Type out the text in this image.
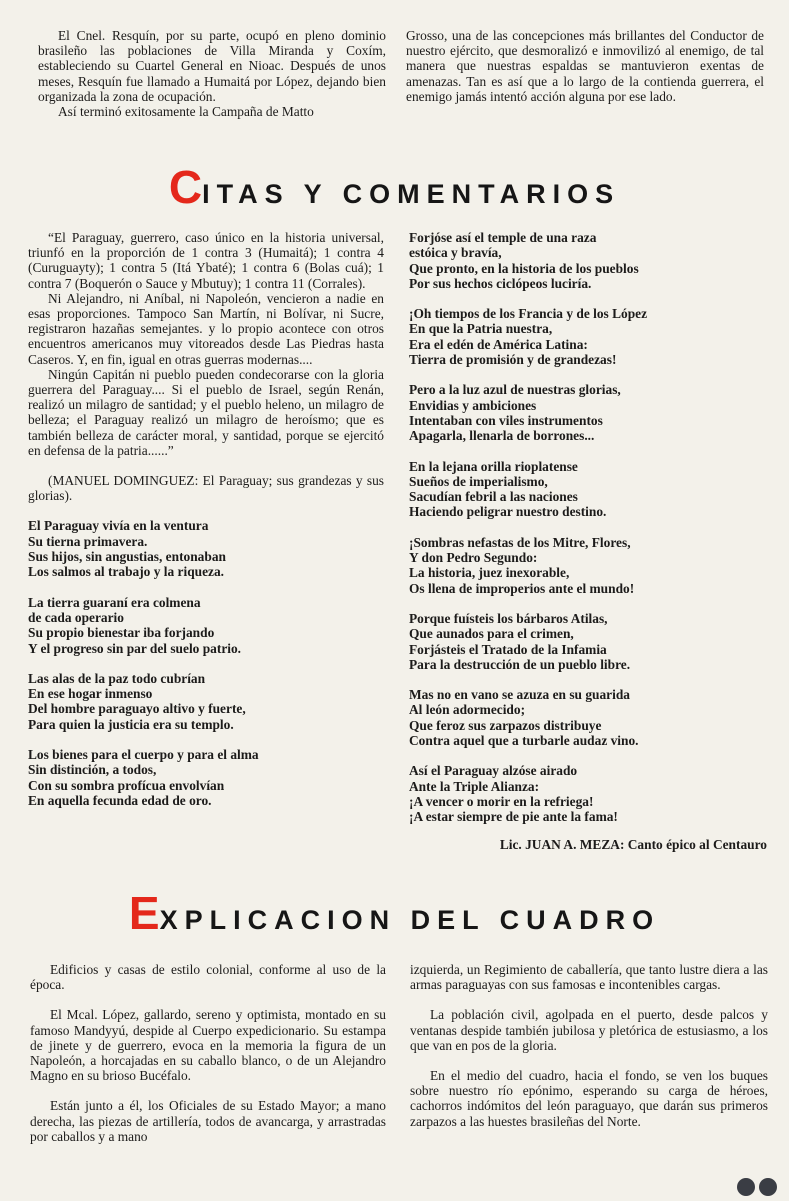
El Cnel. Resquín, por su parte, ocupó en pleno dominio brasileño las poblaciones de Villa Miranda y Coxím, estableciendo su Cuartel General en Nioac. Después de unos meses, Resquín fue llamado a Humaitá por López, dejando bien organizada la zona de ocupación.

Así terminó exitosamente la Campaña de Matto

Grosso, una de las concepciones más brillantes del Conductor de nuestro ejército, que desmoralizó e inmovilizó al enemigo, de tal manera que nuestras espaldas se mantuvieron exentas de amenazas. Tan es así que a lo largo de la contienda guerrera, el enemigo jamás intentó acción alguna por ese lado.

CITAS Y COMENTARIOS

“El Paraguay, guerrero, caso único en la historia universal, triunfó en la proporción de 1 contra 3 (Humaitá); 1 contra 4 (Curuguayty); 1 contra 5 (Itá Ybaté); 1 contra 6 (Bolas cuá); 1 contra 7 (Boquerón o Sauce y Mbutuy); 1 contra 11 (Corrales).

Ni Alejandro, ni Aníbal, ni Napoleón, vencieron a nadie en esas proporciones. Tampoco San Martín, ni Bolívar, ni Sucre, registraron hazañas semejantes. y lo propio acontece con otros encuentros americanos muy vitoreados desde Las Piedras hasta Caseros. Y, en fin, igual en otras guerras modernas....

Ningún Capitán ni pueblo pueden condecorarse con la gloria guerrera del Paraguay.... Si el pueblo de Israel, según Renán, realizó un milagro de santidad; y el pueblo heleno, un milagro de belleza; el Paraguay realizó un milagro de heroísmo; que es también belleza de carácter moral, y santidad, porque se ejercitó en defensa de la patria......”

(MANUEL DOMINGUEZ: El Paraguay; sus grandezas y sus glorias).

El Paraguay vivía en la ventura
Su tierna primavera.
Sus hijos, sin angustias, entonaban
Los salmos al trabajo y la riqueza.
La tierra guaraní era colmena
de cada operario
Su propio bienestar iba forjando
Y el progreso sin par del suelo patrio.
Las alas de la paz todo cubrían
En ese hogar inmenso
Del hombre paraguayo altivo y fuerte,
Para quien la justicia era su templo.
Los bienes para el cuerpo y para el alma
Sin distinción, a todos,
Con su sombra profícua envolvían
En aquella fecunda edad de oro.
Forjóse así el temple de una raza
estóica y bravía,
Que pronto, en la historia de los pueblos
Por sus hechos ciclópeos luciría.
¡Oh tiempos de los Francia y de los López
En que la Patria nuestra,
Era el edén de América Latina:
Tierra de promisión y de grandezas!
Pero a la luz azul de nuestras glorias,
Envidias y ambiciones
Intentaban con viles instrumentos
Apagarla, llenarla de borrones...
En la lejana orilla rioplatense
Sueños de imperialismo,
Sacudían febril a las naciones
Haciendo peligrar nuestro destino.
¡Sombras nefastas de los Mitre, Flores,
Y don Pedro Segundo:
La historia, juez inexorable,
Os llena de improperios ante el mundo!
Porque fuísteis los bárbaros Atilas,
Que aunados para el crimen,
Forjásteis el Tratado de la Infamia
Para la destrucción de un pueblo libre.
Mas no en vano se azuza en su guarida
Al león adormecido;
Que feroz sus zarpazos distribuye
Contra aquel que a turbarle audaz vino.
Así el Paraguay alzóse airado
Ante la Triple Alianza:
¡A vencer o morir en la refriega!
¡A estar siempre de pie ante la fama!
Lic. JUAN A. MEZA: Canto épico al Centauro
EXPLICACION DEL CUADRO

Edificios y casas de estilo colonial, conforme al uso de la época.

El Mcal. López, gallardo, sereno y optimista, montado en su famoso Mandyyú, despide al Cuerpo expedicionario. Su estampa de jinete y de guerrero, evoca en la memoria la figura de un Napoleón, a horcajadas en su caballo blanco, o de un Alejandro Magno en su brioso Bucéfalo.

Están junto a él, los Oficiales de su Estado Mayor; a mano derecha, las piezas de artillería, todos de avancarga, y arrastradas por caballos y a mano

izquierda, un Regimiento de caballería, que tanto lustre diera a las armas paraguayas con sus famosas e incontenibles cargas.

La población civil, agolpada en el puerto, desde palcos y ventanas despide también jubilosa y pletórica de estusiasmo, a los que van en pos de la gloria.

En el medio del cuadro, hacia el fondo, se ven los buques sobre nuestro río epónimo, esperando su carga de héroes, cachorros indómitos del león paraguayo, que darán sus primeros zarpazos a las huestes brasileñas del Norte.
